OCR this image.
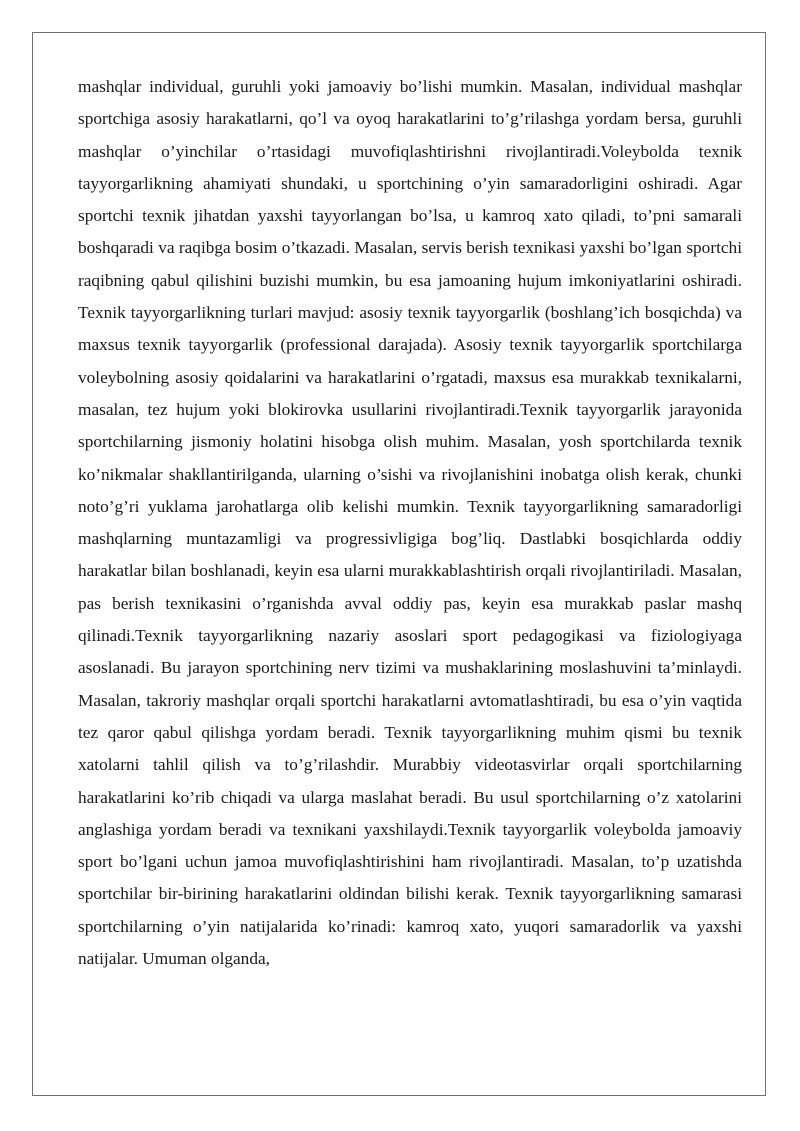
mashqlar individual, guruhli yoki jamoaviy bo’lishi mumkin. Masalan, individual mashqlar sportchiga asosiy harakatlarni, qo’l va oyoq harakatlarini to’g’rilashga yordam bersa, guruhli mashqlar o’yinchilar o’rtasidagi muvofiqlashtirishni rivojlantiradi.Voleybolda texnik tayyorgarlikning ahamiyati shundaki, u sportchining o’yin samaradorligini oshiradi. Agar sportchi texnik jihatdan yaxshi tayyorlangan bo’lsa, u kamroq xato qiladi, to’pni samarali boshqaradi va raqibga bosim o’tkazadi. Masalan, servis berish texnikasi yaxshi bo’lgan sportchi raqibning qabul qilishini buzishi mumkin, bu esa jamoaning hujum imkoniyatlarini oshiradi. Texnik tayyorgarlikning turlari mavjud: asosiy texnik tayyorgarlik (boshlang’ich bosqichda) va maxsus texnik tayyorgarlik (professional darajada). Asosiy texnik tayyorgarlik sportchilarga voleybolning asosiy qoidalarini va harakatlarini o’rgatadi, maxsus esa murakkab texnikalarni, masalan, tez hujum yoki blokirovka usullarini rivojlantiradi.Texnik tayyorgarlik jarayonida sportchilarning jismoniy holatini hisobga olish muhim. Masalan, yosh sportchilarda texnik ko’nikmalar shakllantirilganda, ularning o’sishi va rivojlanishini inobatga olish kerak, chunki noto’g’ri yuklama jarohatlarga olib kelishi mumkin. Texnik tayyorgarlikning samaradorligi mashqlarning muntazamligi va progressivligiga bog’liq. Dastlabki bosqichlarda oddiy harakatlar bilan boshlanadi, keyin esa ularni murakkablashtirish orqali rivojlantiriladi. Masalan, pas berish texnikasini o’rganishda avval oddiy pas, keyin esa murakkab paslar mashq qilinadi.Texnik tayyorgarlikning nazariy asoslari sport pedagogikasi va fiziologiyaga asoslanadi. Bu jarayon sportchining nerv tizimi va mushaklarining moslashuvini ta’minlaydi. Masalan, takroriy mashqlar orqali sportchi harakatlarni avtomatlashtiradi, bu esa o’yin vaqtida tez qaror qabul qilishga yordam beradi. Texnik tayyorgarlikning muhim qismi bu texnik xatolarni tahlil qilish va to’g’rilashdir. Murabbiy videotasvirlar orqali sportchilarning harakatlarini ko’rib chiqadi va ularga maslahat beradi. Bu usul sportchilarning o’z xatolarini anglashiga yordam beradi va texnikani yaxshilaydi.Texnik tayyorgarlik voleybolda jamoaviy sport bo’lgani uchun jamoa muvofiqlashtirishini ham rivojlantiradi. Masalan, to’p uzatishda sportchilar bir-birining harakatlarini oldindan bilishi kerak. Texnik tayyorgarlikning samarasi sportchilarning o’yin natijalarida ko’rinadi: kamroq xato, yuqori samaradorlik va yaxshi natijalar. Umuman olganda,
